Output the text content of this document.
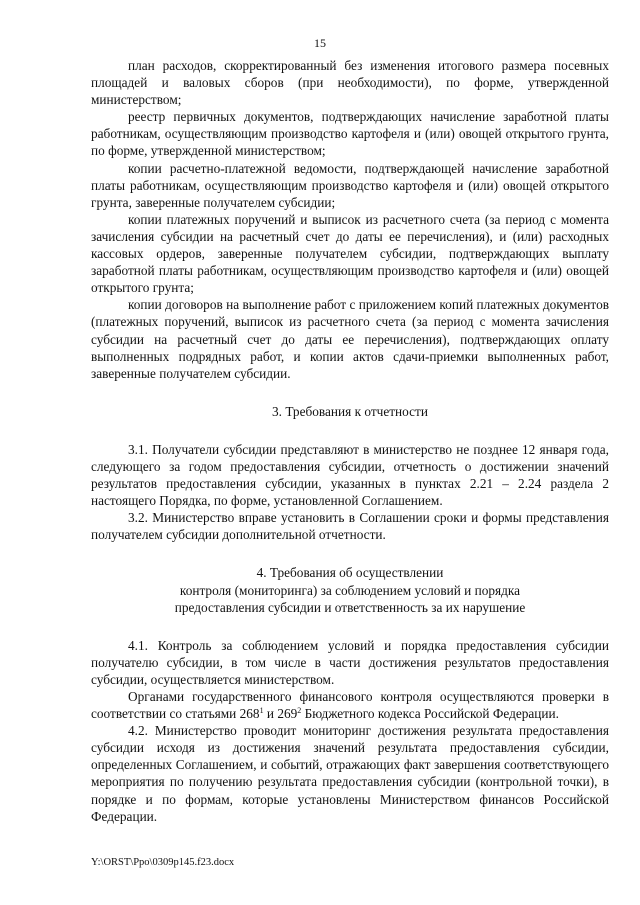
15

план расходов, скорректированный без изменения итогового размера посевных площадей и валовых сборов (при необходимости), по форме, утвержденной министерством;

реестр первичных документов, подтверждающих начисление заработной платы работникам, осуществляющим производство картофеля и (или) овощей открытого грунта, по форме, утвержденной министерством;

копии расчетно-платежной ведомости, подтверждающей начисление заработной платы работникам, осуществляющим производство картофеля и (или) овощей открытого грунта, заверенные получателем субсидии;

копии платежных поручений и выписок из расчетного счета (за период с момента зачисления субсидии на расчетный счет до даты ее перечисления), и (или) расходных кассовых ордеров, заверенные получателем субсидии, подтверждающих выплату заработной платы работникам, осуществляющим производство картофеля и (или) овощей открытого грунта;

копии договоров на выполнение работ с приложением копий платежных документов (платежных поручений, выписок из расчетного счета (за период с момента зачисления субсидии на расчетный счет до даты ее перечисления), подтверждающих оплату выполненных подрядных работ, и копии актов сдачи-приемки выполненных работ, заверенные получателем субсидии.

3. Требования к отчетности

3.1. Получатели субсидии представляют в министерство не позднее 12 января года, следующего за годом предоставления субсидии, отчетность о достижении значений результатов предоставления субсидии, указанных в пунктах 2.21 – 2.24 раздела 2 настоящего Порядка, по форме, установленной Соглашением.

3.2. Министерство вправе установить в Соглашении сроки и формы представления получателем субсидии дополнительной отчетности.

4. Требования об осуществлении

контроля (мониторинга) за соблюдением условий и порядка

предоставления субсидии и ответственность за их нарушение

4.1. Контроль за соблюдением условий и порядка предоставления субсидии получателю субсидии, в том числе в части достижения результатов предоставления субсидии, осуществляется министерством.

Органами государственного финансового контроля осуществляются проверки в соответствии со статьями $268^1$ и $269^2$ Бюджетного кодекса Российской Федерации.

4.2. Министерство проводит мониторинг достижения результата предоставления субсидии исходя из достижения значений результата предоставления субсидии, определенных Соглашением, и событий, отражающих факт завершения соответствующего мероприятия по получению результата предоставления субсидии (контрольной точки), в порядке и по формам, которые установлены Министерством финансов Российской Федерации.

Y:\ORST\Ppo\0309p145.f23.docx
